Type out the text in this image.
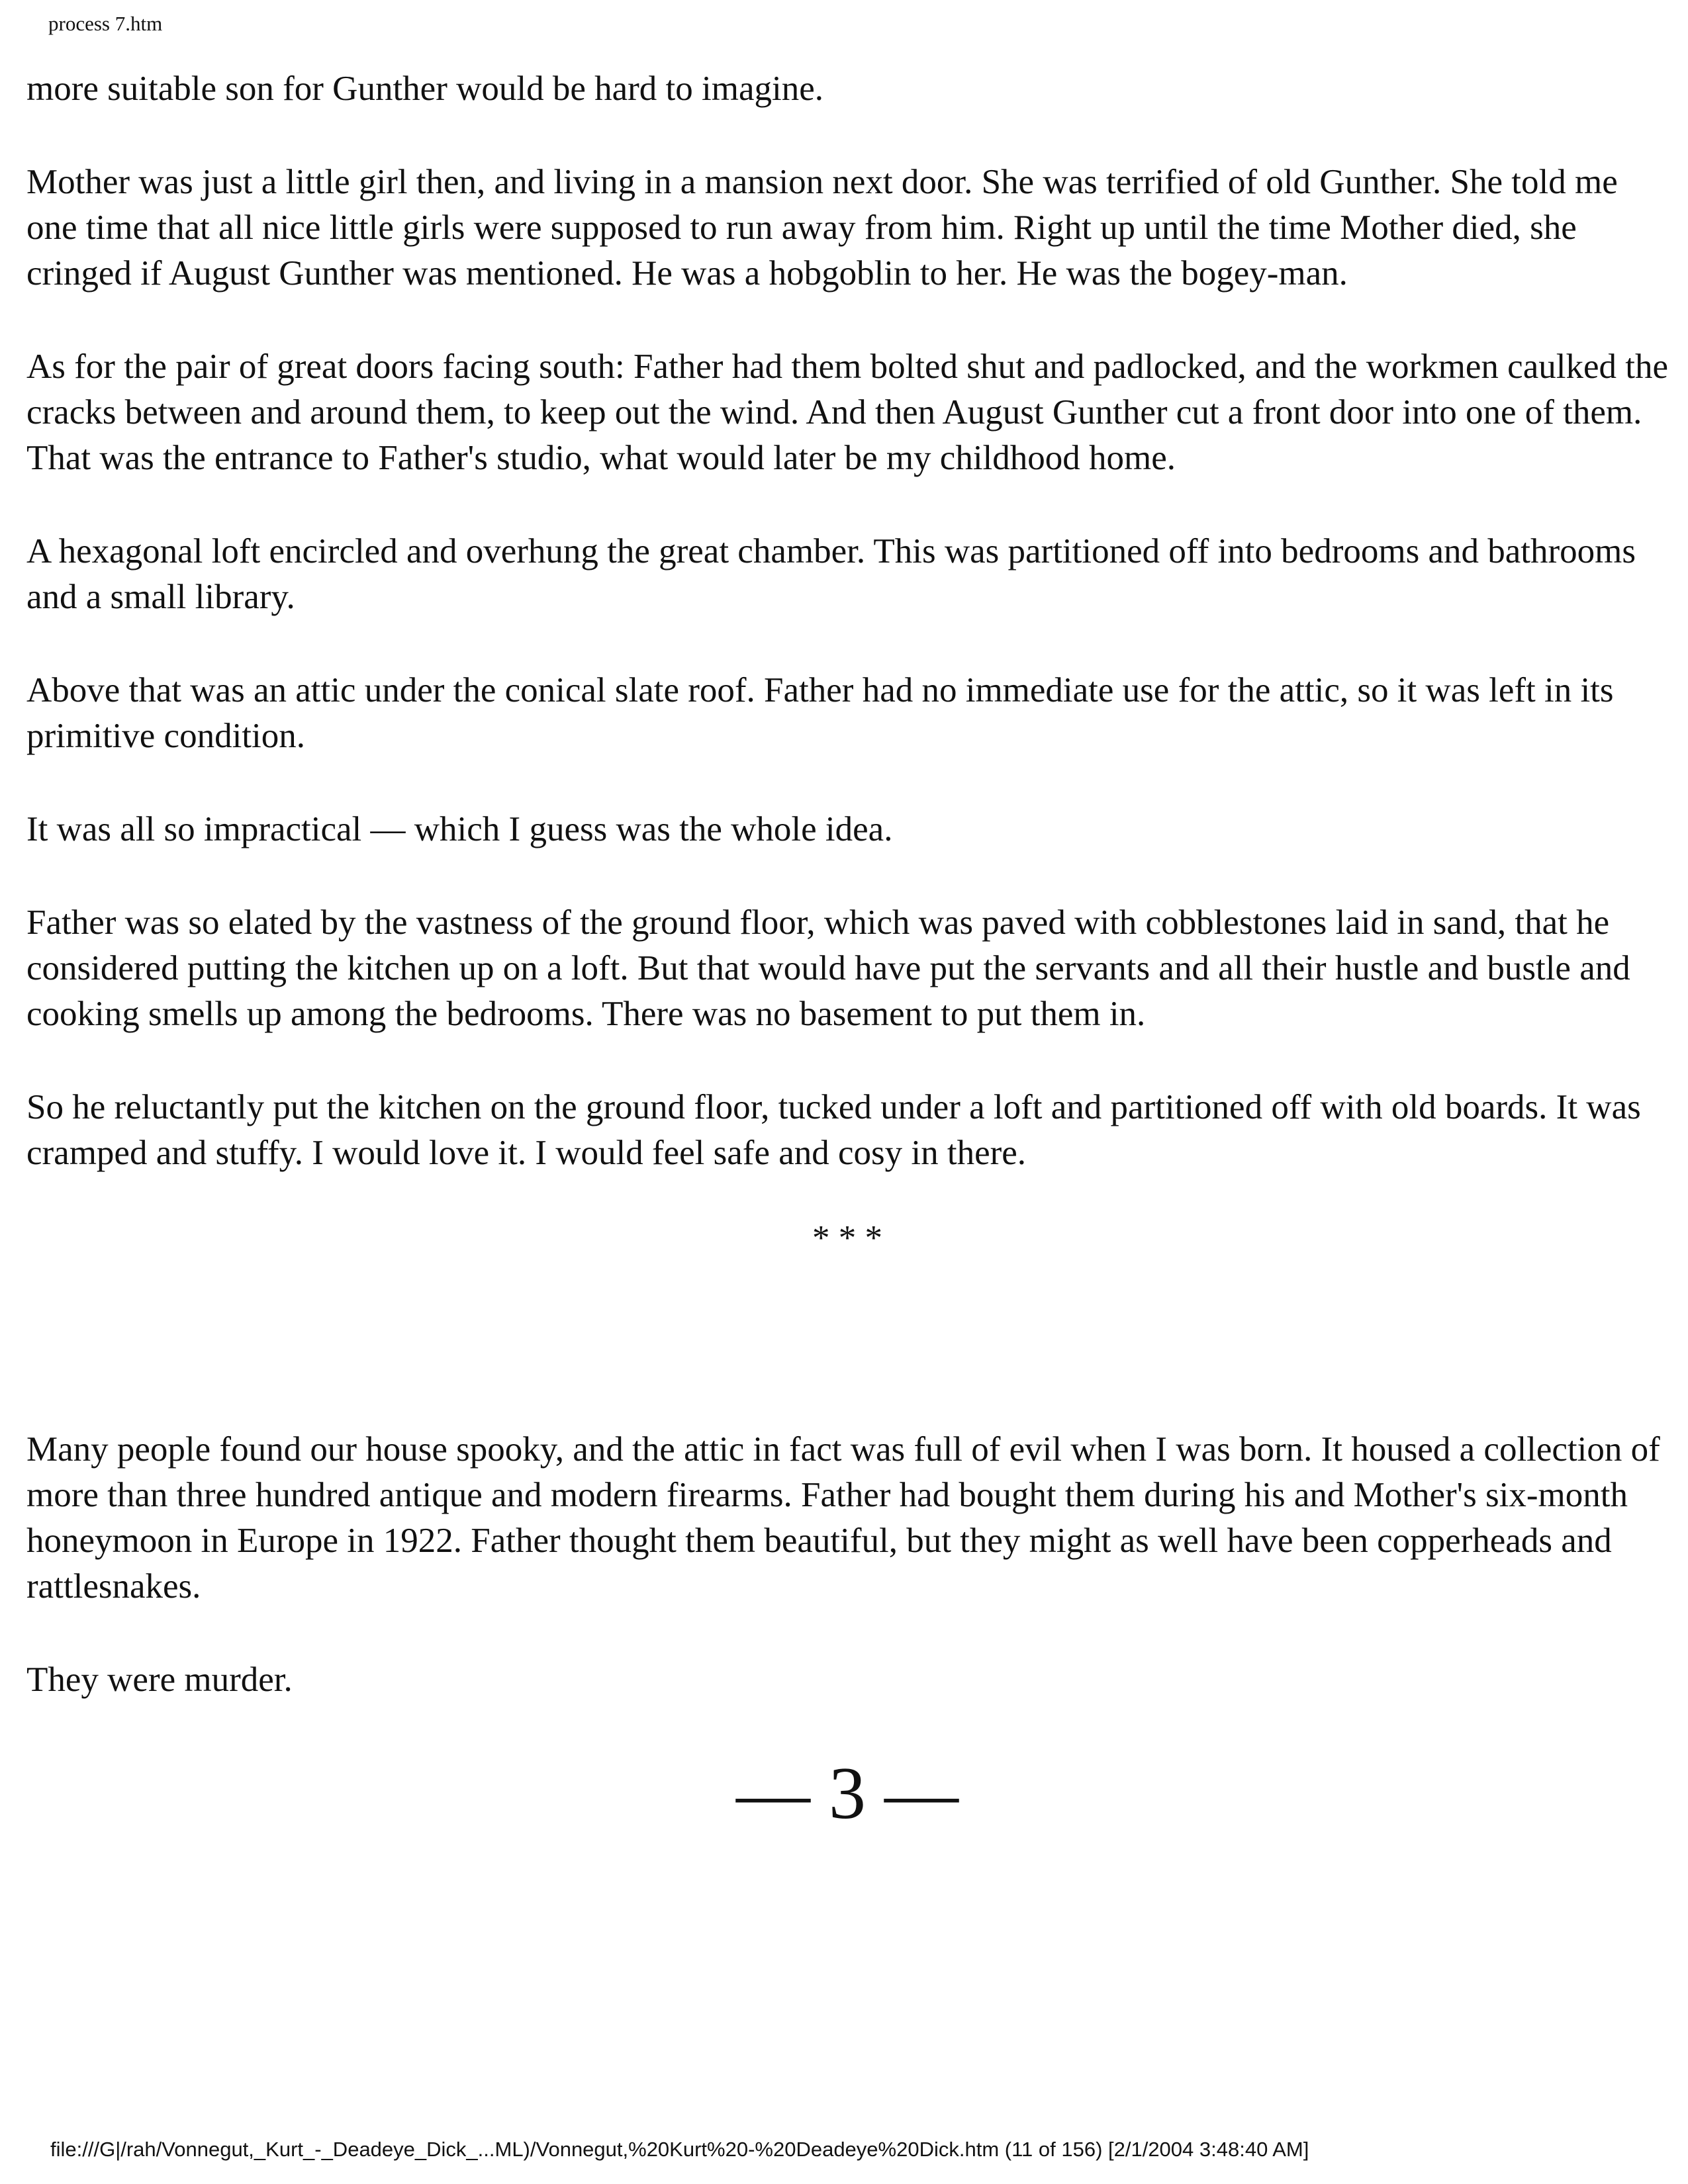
process 7.htm

more suitable son for Gunther would be hard to imagine.

Mother was just a little girl then, and living in a mansion next door. She was terrified of old Gunther. She told me one time that all nice little girls were supposed to run away from him. Right up until the time Mother died, she cringed if August Gunther was mentioned. He was a hobgoblin to her. He was the bogey-man.

As for the pair of great doors facing south: Father had them bolted shut and padlocked, and the workmen caulked the cracks between and around them, to keep out the wind. And then August Gunther cut a front door into one of them. That was the entrance to Father's studio, what would later be my childhood home.

A hexagonal loft encircled and overhung the great chamber. This was partitioned off into bedrooms and bathrooms and a small library.

Above that was an attic under the conical slate roof. Father had no immediate use for the attic, so it was left in its primitive condition.

It was all so impractical — which I guess was the whole idea.

Father was so elated by the vastness of the ground floor, which was paved with cobblestones laid in sand, that he considered putting the kitchen up on a loft. But that would have put the servants and all their hustle and bustle and cooking smells up among the bedrooms. There was no basement to put them in.

So he reluctantly put the kitchen on the ground floor, tucked under a loft and partitioned off with old boards. It was cramped and stuffy. I would love it. I would feel safe and cosy in there.

* * *

Many people found our house spooky, and the attic in fact was full of evil when I was born. It housed a collection of more than three hundred antique and modern firearms. Father had bought them during his and Mother's six-month honeymoon in Europe in 1922. Father thought them beautiful, but they might as well have been copperheads and rattlesnakes.

They were murder.

— 3 —
file:///G|/rah/Vonnegut,_Kurt_-_Deadeye_Dick_...ML)/Vonnegut,%20Kurt%20-%20Deadeye%20Dick.htm (11 of 156) [2/1/2004 3:48:40 AM]
